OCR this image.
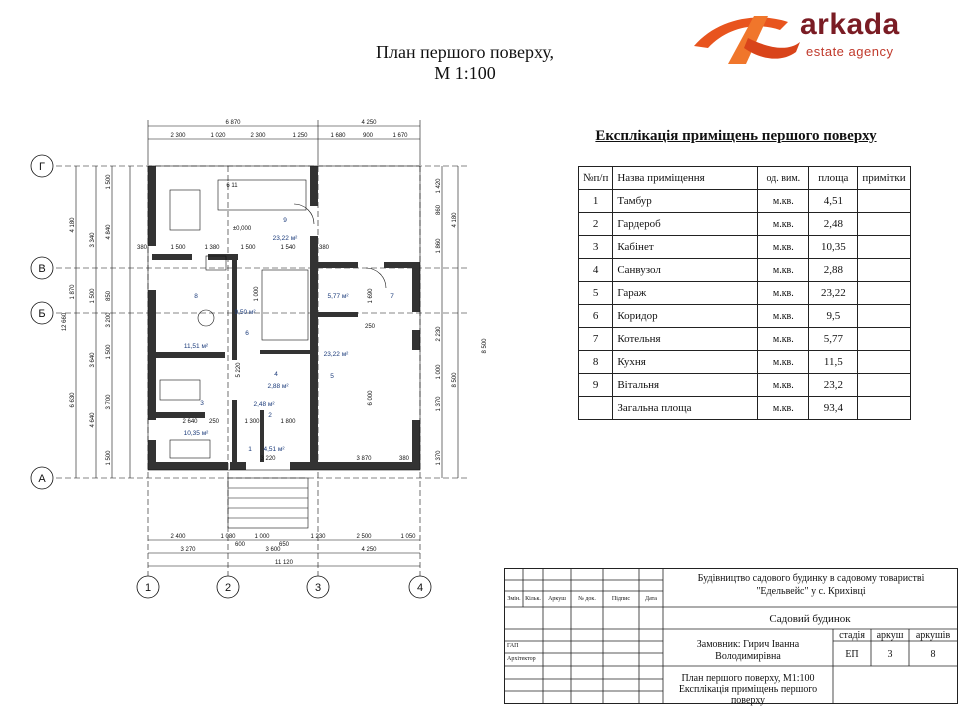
План першого поверху,
М 1:100
arkada
estate agency
Г
В
Б
А
1	2	3	4
6 870	4 250
2 300	1 020	2 300	1 250	1 680	900	1 670
2 400	1 080	1 000	1 230	2 500	1 050
600	650
3 270	3 600	4 250
11 120
9
23,22 м²
8
11,51 м²
6
9,50 м²
7
5,77 м²
5
23,22 м²
4
2,88 м²
2
2,48 м²
3
10,35 м²
1 4,51 м²
±0,000
4 180
1 870
12 660
6 630
3 340
1 500
3 640
4 640
1 500
4 840
850
3 200
1 500
3 700
1 500
1 420
4 180
860
1 860
2 230
8 500
1 000
1 370
1 370
380	1 500	1 380	1 500	1 540	380
1 000
5 220
2 640 250	1 300	1 800
3 220	3 870	380
6 000
1 690
250
8 500
6 11
Експлікація приміщень першого поверху
№п/п	Назва приміщення	од. вим.	площа	примітки
1	Тамбур	м.кв.	4,51	
2	Гардероб	м.кв.	2,48	
3	Кабінет	м.кв.	10,35	
4	Санвузол	м.кв.	2,88	
5	Гараж	м.кв.	23,22	
6	Коридор	м.кв.	9,5	
7	Котельня	м.кв.	5,77	
8	Кухня	м.кв.	11,5	
9	Вітальня	м.кв.	23,2	
	Загальна площа	м.кв.	93,4	
Змін. Кільк.	Аркуш	№ док.	Підпис	Дата
ГАП
Архітектор
Будівництво садового будинку в садовому товаристві "Едельвейс" у с. Крихівці
Садовий будинок
Замовник: Гирич Іванна Володимирівна
стадія	аркуш	аркушів
ЕП	3	8
План першого поверху, М1:100 Експлікація приміщень першого поверху
